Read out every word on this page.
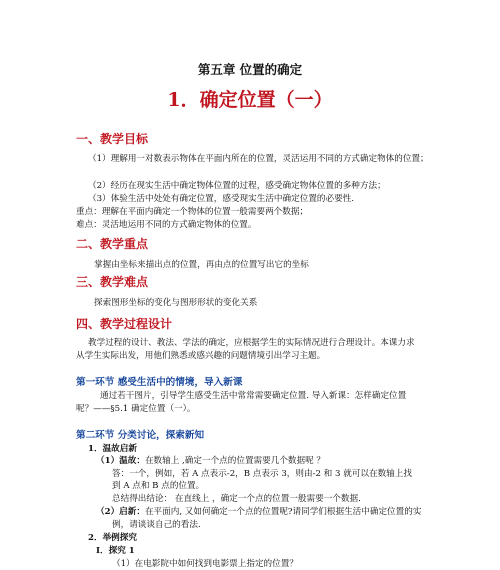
第五章 位置的确定
1．确定位置（一）
一、教学目标
（1）理解用一对数表示物体在平面内所在的位置，灵活运用不同的方式确定物体的位置；
（2）经历在现实生活中确定物体位置的过程，感受确定物体位置的多种方法；
（3）体验生活中处处有确定位置，感受现实生活中确定位置的必要性.
重点：理解在平面内确定一个物体的位置一般需要两个数据；
难点：灵活地运用不同的方式确定物体的位置。
二、教学重点
掌握由坐标来描出点的位置，再由点的位置写出它的坐标
三、教学难点
探索图形坐标的变化与图形形状的变化关系
四、教学过程设计
教学过程的设计、教法、学法的确定，应根据学生的实际情况进行合理设计。本课力求
从学生实际出发，用他们熟悉或感兴趣的问题情境引出学习主题。
第一环节 感受生活中的情境，导入新课
通过若干图片，引导学生感受生活中常常需要确定位置. 导入新课：怎样确定位置
呢？——§5.1 确定位置（一）。
第二环节 分类讨论，探索新知
1．温故启新
（1）温故：在数轴上 ,确定一个点的位置需要几个数据呢 ？
答：一个，例如，若 A 点表示-2，B 点表示 3，则由-2 和 3 就可以在数轴上找
到 A 点和 B 点的位置。
总结得出结论： 在直线上 ，确定一个点的位置一般需要一个数据．
（2）启新：在平面内, 又如何确定一个点的位置呢?请同学们根据生活中确定位置的实
例，请谈谈自己的看法.
2．举例探究
Ⅰ．探究 1
（1）在电影院中如何找到电影票上指定的位置？
